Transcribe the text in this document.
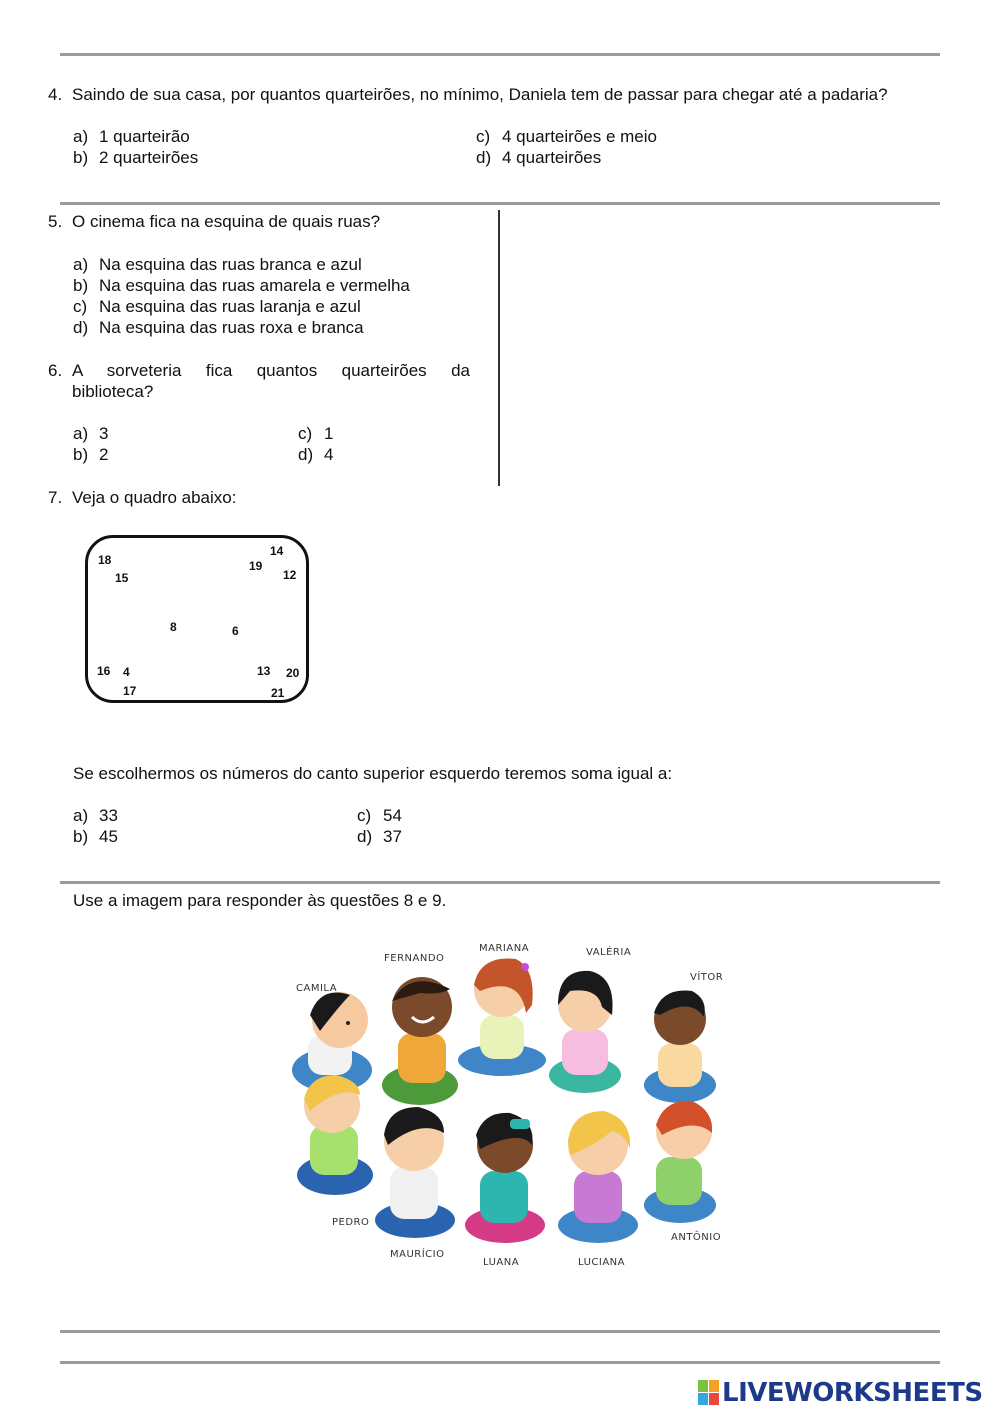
4. Saindo de sua casa, por quantos quarteirões, no mínimo, Daniela tem de passar para chegar até a padaria?
a) 1 quarteirão
b) 2 quarteirões
c) 4 quarteirões e meio
d) 4 quarteirões
5. O cinema fica na esquina de quais ruas?
a) Na esquina das ruas branca e azul
b) Na esquina das ruas amarela e vermelha
c) Na esquina das ruas laranja e azul
d) Na esquina das ruas roxa e branca
6. A sorveteria fica quantos quarteirões da
biblioteca?
a) 3
b) 2
c) 1
d) 4
7. Veja o quadro abaixo:
18
15
14
19
12
8	6
16 4
17
13 20
21
Se escolhermos os números do canto superior esquerdo teremos soma igual a:
a) 33
b) 45
c) 54
d) 37
Use a imagem para responder às questões 8 e 9.
FERNANDO
MARIANA	VALÉRIA
CAMILA
VÍTOR
PEDRO
ANTÔNIO
MAURÍCIO
LUANA	LUCIANA
LIVEWORKSHEETS
